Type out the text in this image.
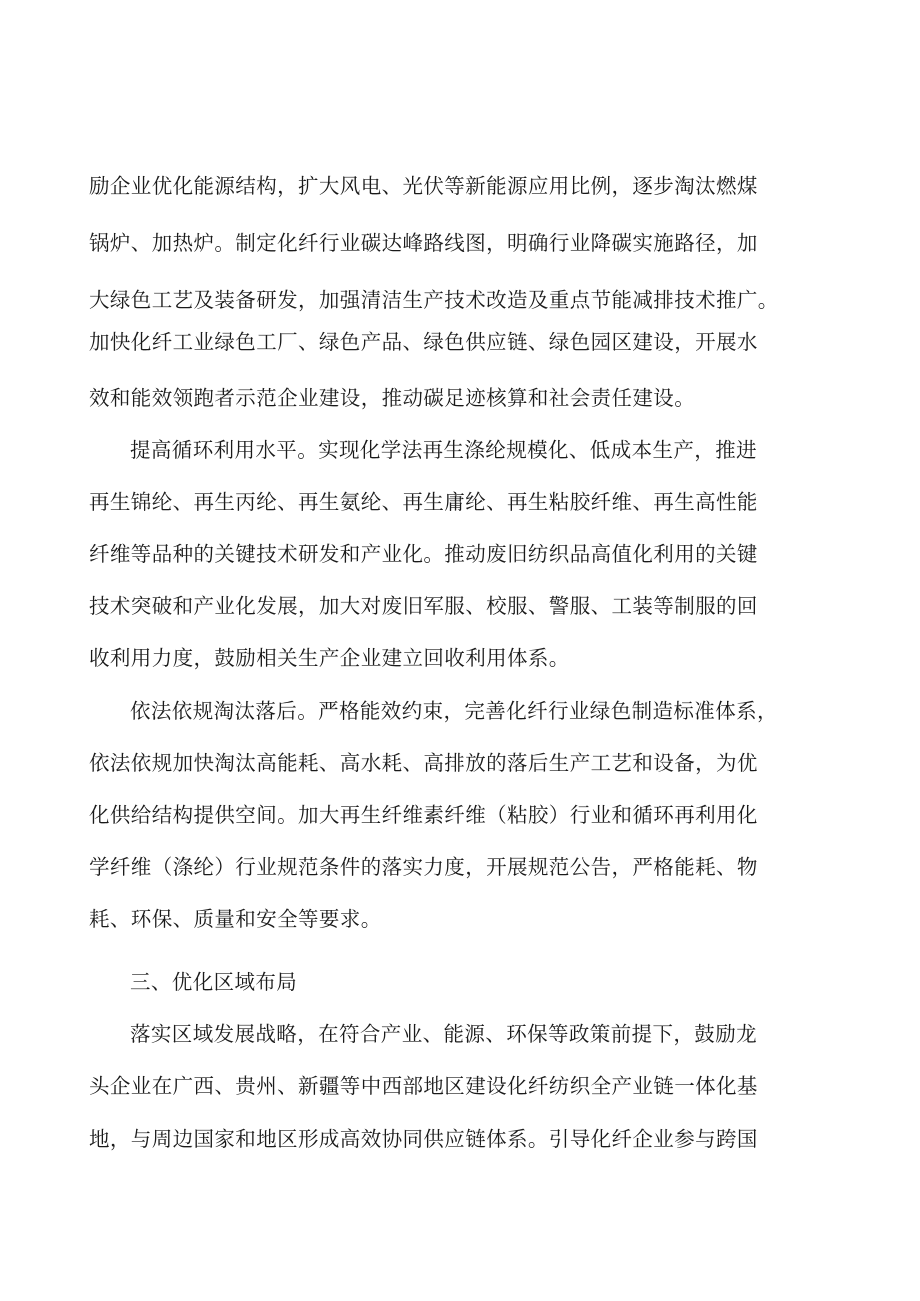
励企业优化能源结构，扩大风电、光伏等新能源应用比例，逐步淘汰燃煤
锅炉、加热炉。制定化纤行业碳达峰路线图，明确行业降碳实施路径，加
大绿色工艺及装备研发，加强清洁生产技术改造及重点节能减排技术推广。
加快化纤工业绿色工厂、绿色产品、绿色供应链、绿色园区建设，开展水
效和能效领跑者示范企业建设，推动碳足迹核算和社会责任建设。
提高循环利用水平。实现化学法再生涤纶规模化、低成本生产，推进
再生锦纶、再生丙纶、再生氨纶、再生庸纶、再生粘胶纤维、再生高性能
纤维等品种的关键技术研发和产业化。推动废旧纺织品高值化利用的关键
技术突破和产业化发展，加大对废旧军服、校服、警服、工装等制服的回
收利用力度，鼓励相关生产企业建立回收利用体系。
依法依规淘汰落后。严格能效约束，完善化纤行业绿色制造标准体系，
依法依规加快淘汰高能耗、高水耗、高排放的落后生产工艺和设备，为优
化供给结构提供空间。加大再生纤维素纤维（粘胶）行业和循环再利用化
学纤维（涤纶）行业规范条件的落实力度，开展规范公告，严格能耗、物
耗、环保、质量和安全等要求。
三、优化区域布局
落实区域发展战略，在符合产业、能源、环保等政策前提下，鼓励龙
头企业在广西、贵州、新疆等中西部地区建设化纤纺织全产业链一体化基
地，与周边国家和地区形成高效协同供应链体系。引导化纤企业参与跨国
